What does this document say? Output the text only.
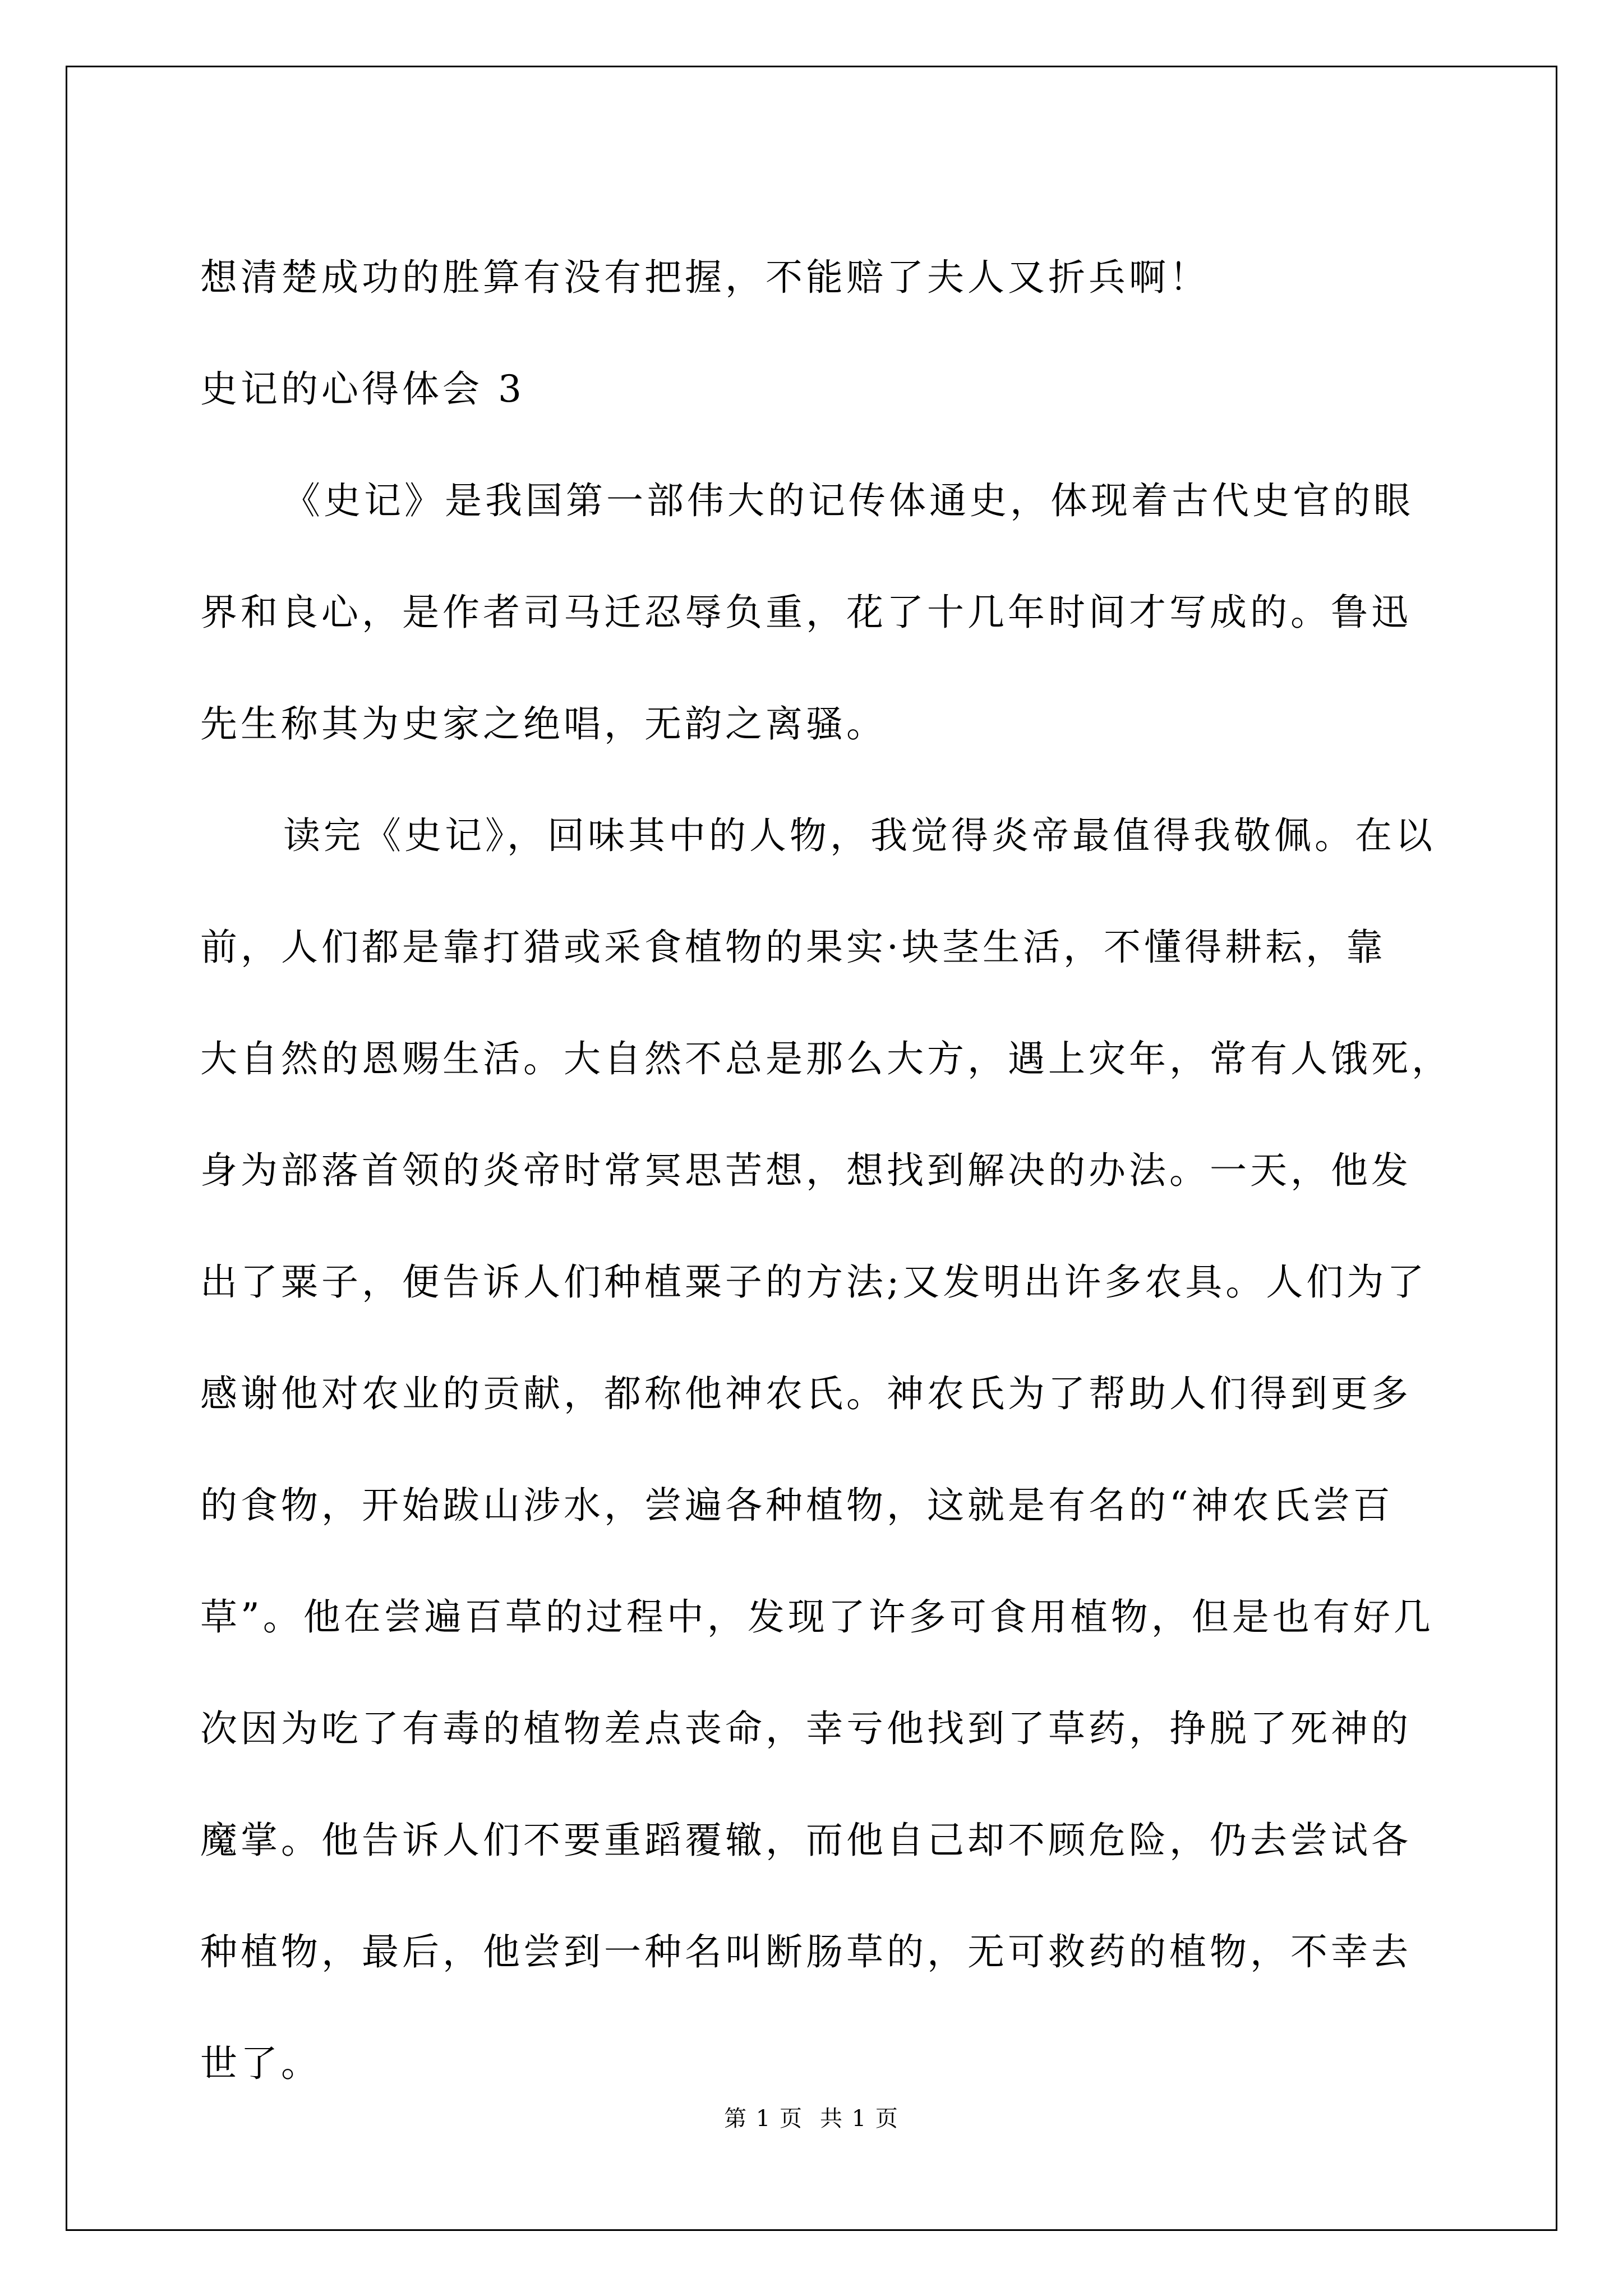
想清楚成功的胜算有没有把握，不能赔了夫人又折兵啊！
史记的心得体会 3
《史记》是我国第一部伟大的记传体通史，体现着古代史官的眼
界和良心，是作者司马迁忍辱负重，花了十几年时间才写成的。鲁迅
先生称其为史家之绝唱，无韵之离骚。
读完《史记》，回味其中的人物，我觉得炎帝最值得我敬佩。在以
前，人们都是靠打猎或采食植物的果实·块茎生活，不懂得耕耘，靠
大自然的恩赐生活。大自然不总是那么大方，遇上灾年，常有人饿死，
身为部落首领的炎帝时常冥思苦想，想找到解决的办法。一天，他发
出了粟子，便告诉人们种植粟子的方法;又发明出许多农具。人们为了
感谢他对农业的贡献，都称他神农氏。神农氏为了帮助人们得到更多
的食物，开始跋山涉水，尝遍各种植物，这就是有名的“神农氏尝百
草”。他在尝遍百草的过程中，发现了许多可食用植物，但是也有好几
次因为吃了有毒的植物差点丧命，幸亏他找到了草药，挣脱了死神的
魔掌。他告诉人们不要重蹈覆辙，而他自己却不顾危险，仍去尝试各
种植物，最后，他尝到一种名叫断肠草的，无可救药的植物，不幸去
世了。
第 1 页 共 1 页
